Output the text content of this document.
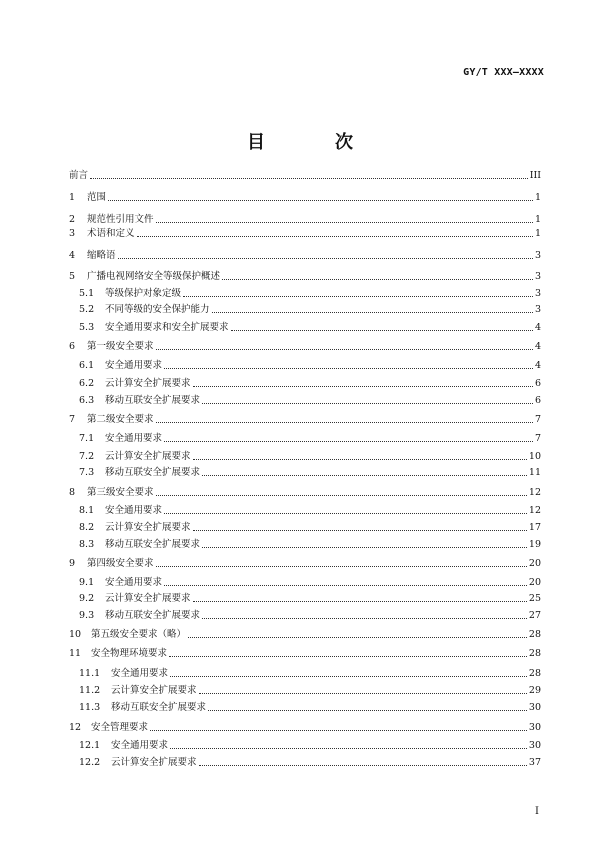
GY/T XXX—XXXX
目　次
前言	III
1	范围	1
2	规范性引用文件	1
3	术语和定义	1
4	缩略语	3
5	广播电视网络安全等级保护概述	3
5.1	等级保护对象定级	3
5.2	不同等级的安全保护能力	3
5.3	安全通用要求和安全扩展要求	4
6	第一级安全要求	4
6.1	安全通用要求	4
6.2	云计算安全扩展要求	6
6.3	移动互联安全扩展要求	6
7	第二级安全要求	7
7.1	安全通用要求	7
7.2	云计算安全扩展要求	10
7.3	移动互联安全扩展要求	11
8	第三级安全要求	12
8.1	安全通用要求	12
8.2	云计算安全扩展要求	17
8.3	移动互联安全扩展要求	19
9	第四级安全要求	20
9.1	安全通用要求	20
9.2	云计算安全扩展要求	25
9.3	移动互联安全扩展要求	27
10	第五级安全要求（略）	28
11	安全物理环境要求	28
11.1	安全通用要求	28
11.2	云计算安全扩展要求	29
11.3	移动互联安全扩展要求	30
12	安全管理要求	30
12.1	安全通用要求	30
12.2	云计算安全扩展要求	37
I
